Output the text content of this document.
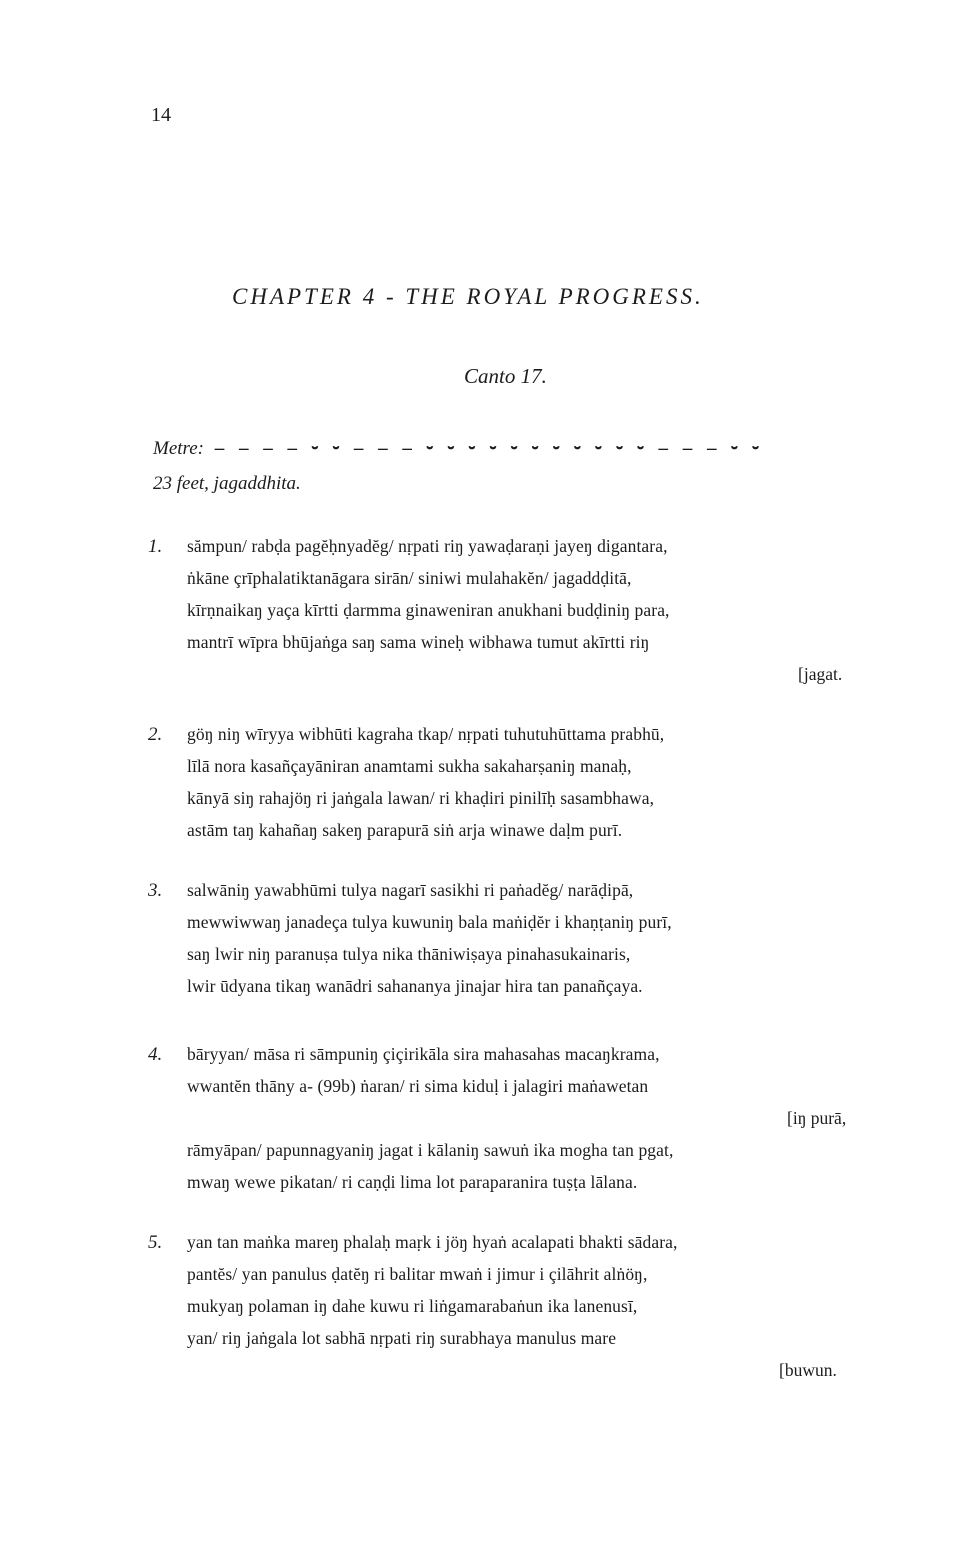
14
CHAPTER 4 - THE ROYAL PROGRESS.
Canto 17.
Metre: – – – – ⏑ ⏑ – – – ⏑ ⏑ ⏑ ⏑ ⏑ ⏑ ⏑ ⏑ ⏑ ⏑ ⏑ – – – ⏑ ⏑
23 feet, jagaddhita.
1. sămpun/ rabḍa pagĕḥnyadĕg/ nṛpati riŋ yawaḍaraṇi jayeŋ digantara,
ṅkāne çrīphalatiktanāgara sirān/ siniwi mulahakĕn/ jagaddḍitā,
kīrṇnaikaŋ yaça kīrtti ḍarmma ginaweniran anukhani budḍiniŋ para,
mantrī wīpra bhūjaṅga saŋ sama wineḥ wibhawa tumut akīrtti riŋ
[jagat.
2. göŋ niŋ wīryya wibhūti kagraha tkap/ nṛpati tuhutuhūttama prabhū,
līlā nora kasañçayāniran anamtami sukha sakaharṣaniŋ manaḥ,
kānyā siŋ rahajöŋ ri jaṅgala lawan/ ri khaḍiri pinilīḥ sasambhawa,
astām taŋ kahañaŋ sakeŋ parapurā siṅ arja winawe daḷm purī.
3. salwāniŋ yawabhūmi tulya nagarī sasikhi ri paṅadĕg/ narāḍipā,
mewwiwwaŋ janadeça tulya kuwuniŋ bala maṅiḍĕr i khaṇṭaniŋ purī,
saŋ lwir niŋ paranuṣa tulya nika thāniwiṣaya pinahasukainaris,
lwir ūdyana tikaŋ wanādri sahananya jinajar hira tan panañçaya.
4. bāryyan/ māsa ri sāmpuniŋ çiçirikāla sira mahasahas macaŋkrama,
wwantĕn thāny a- (99b) ṅaran/ ri sima kiduḷ i jalagiri maṅawetan
[iŋ purā,
rāmyāpan/ papunnagyaniŋ jagat i kālaniŋ sawuṅ ika mogha tan pgat,
mwaŋ wewe pikatan/ ri caṇḍi lima lot paraparanira tuṣṭa lālana.
5. yan tan maṅka mareŋ phalaḥ maṛk i jöŋ hyaṅ acalapati bhakti sādara,
pantĕs/ yan panulus ḍatĕŋ ri balitar mwaṅ i jimur i çilāhrit alṅöŋ,
mukyaŋ polaman iŋ dahe kuwu ri liṅgamarabaṅun ika lanenusī,
yan/ riŋ jaṅgala lot sabhā nṛpati riŋ surabhaya manulus mare
[buwun.
